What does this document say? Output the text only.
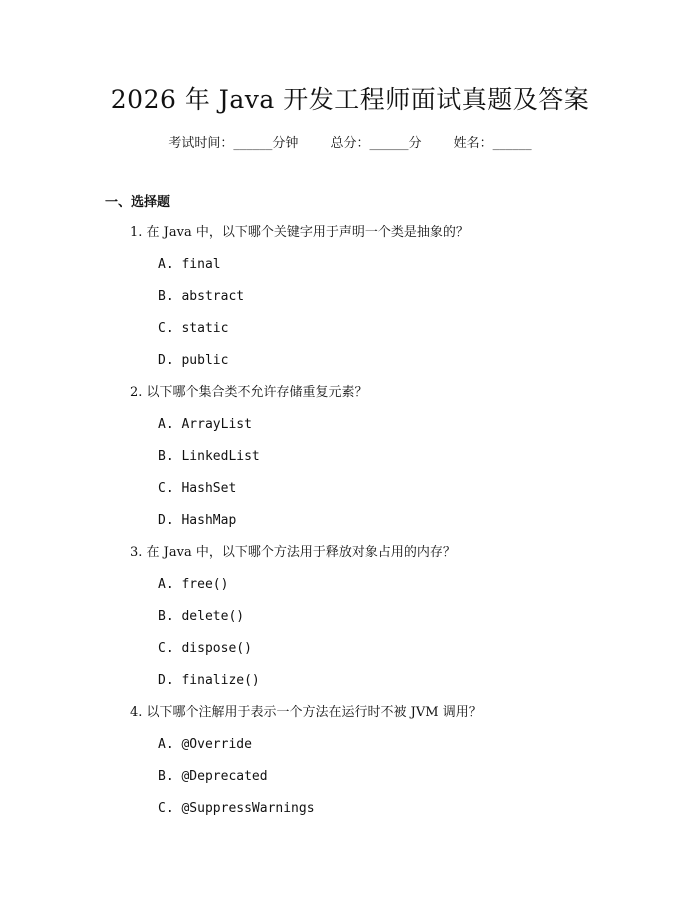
2026 年 Java 开发工程师面试真题及答案
考试时间：______分钟 总分：______分 姓名：______
一、选择题
1. 在 Java 中，以下哪个关键字用于声明一个类是抽象的？
A. final
B. abstract
C. static
D. public
2. 以下哪个集合类不允许存储重复元素？
A. ArrayList
B. LinkedList
C. HashSet
D. HashMap
3. 在 Java 中，以下哪个方法用于释放对象占用的内存？
A. free()
B. delete()
C. dispose()
D. finalize()
4. 以下哪个注解用于表示一个方法在运行时不被 JVM 调用？
A. @Override
B. @Deprecated
C. @SuppressWarnings
